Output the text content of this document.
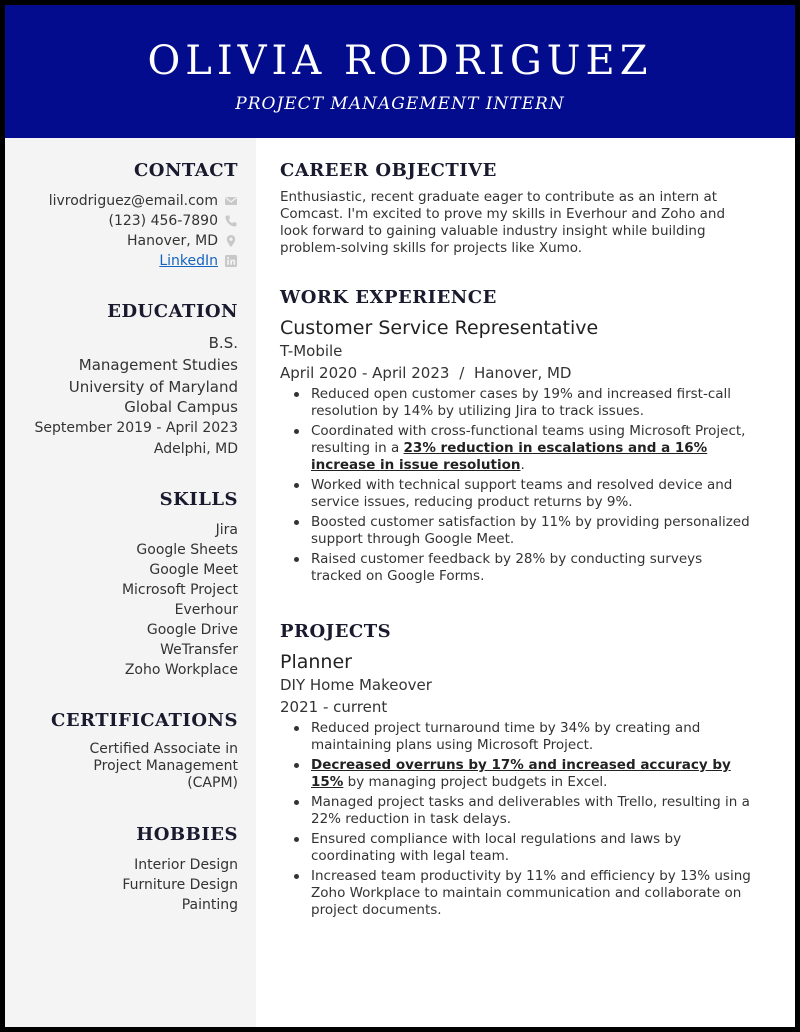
OLIVIA RODRIGUEZ
PROJECT MANAGEMENT INTERN
CONTACT
livrodriguez@email.com
(123) 456-7890
Hanover, MD
LinkedIn
EDUCATION
B.S.
Management Studies
University of Maryland
Global Campus
September 2019 - April 2023
Adelphi, MD
SKILLS
Jira
Google Sheets
Google Meet
Microsoft Project
Everhour
Google Drive
WeTransfer
Zoho Workplace
CERTIFICATIONS
Certified Associate in
Project Management
(CAPM)
HOBBIES
Interior Design
Furniture Design
Painting
CAREER OBJECTIVE
Enthusiastic, recent graduate eager to contribute as an intern at Comcast. I'm excited to prove my skills in Everhour and Zoho and look forward to gaining valuable industry insight while building problem-solving skills for projects like Xumo.
WORK EXPERIENCE
Customer Service Representative
T-Mobile
April 2020 - April 2023 / Hanover, MD
Reduced open customer cases by 19% and increased first-call resolution by 14% by utilizing Jira to track issues.
Coordinated with cross-functional teams using Microsoft Project, resulting in a 23% reduction in escalations and a 16% increase in issue resolution.
Worked with technical support teams and resolved device and service issues, reducing product returns by 9%.
Boosted customer satisfaction by 11% by providing personalized support through Google Meet.
Raised customer feedback by 28% by conducting surveys tracked on Google Forms.
PROJECTS
Planner
DIY Home Makeover
2021 - current
Reduced project turnaround time by 34% by creating and maintaining plans using Microsoft Project.
Decreased overruns by 17% and increased accuracy by 15% by managing project budgets in Excel.
Managed project tasks and deliverables with Trello, resulting in a 22% reduction in task delays.
Ensured compliance with local regulations and laws by coordinating with legal team.
Increased team productivity by 11% and efficiency by 13% using Zoho Workplace to maintain communication and collaborate on project documents.
